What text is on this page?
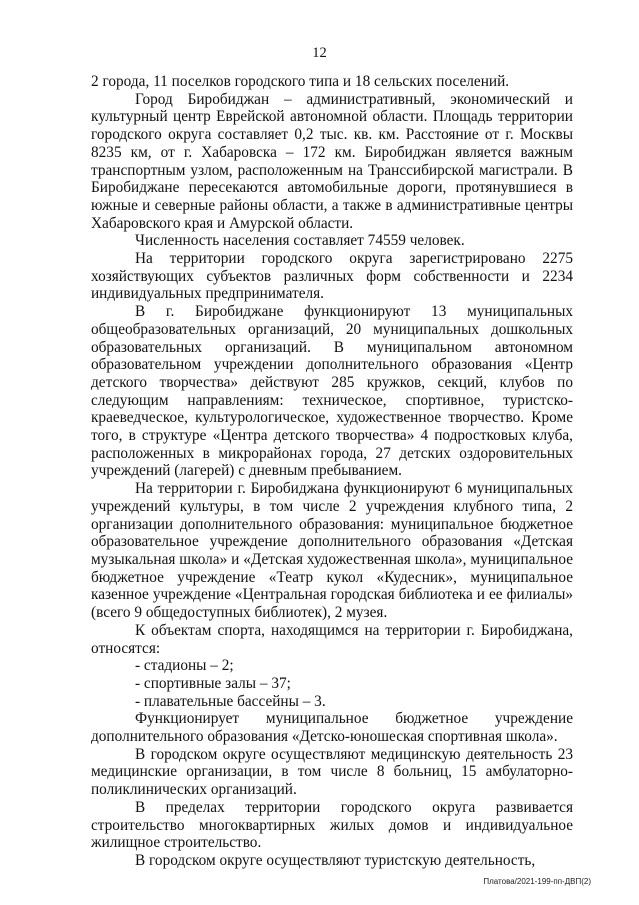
12

2 города, 11 поселков городского типа и 18 сельских поселений.

Город Биробиджан – административный, экономический и культурный центр Еврейской автономной области. Площадь территории городского округа составляет 0,2 тыс. кв. км. Расстояние от г. Москвы 8235 км, от г. Хабаровска – 172 км. Биробиджан является важным транспортным узлом, расположенным на Транссибирской магистрали. В Биробиджане пересекаются автомобильные дороги, протянувшиеся в южные и северные районы области, а также в административные центры Хабаровского края и Амурской области.

Численность населения составляет 74559 человек.

На территории городского округа зарегистрировано 2275 хозяйствующих субъектов различных форм собственности и 2234 индивидуальных предпринимателя.

В г. Биробиджане функционируют 13 муниципальных общеобразовательных организаций, 20 муниципальных дошкольных образовательных организаций. В муниципальном автономном образовательном учреждении дополнительного образования «Центр детского творчества» действуют 285 кружков, секций, клубов по следующим направлениям: техническое, спортивное, туристско-краеведческое, культурологическое, художественное творчество. Кроме того, в структуре «Центра детского творчества» 4 подростковых клуба, расположенных в микрорайонах города, 27 детских оздоровительных учреждений (лагерей) с дневным пребыванием.

На территории г. Биробиджана функционируют 6 муниципальных учреждений культуры, в том числе 2 учреждения клубного типа, 2 организации дополнительного образования: муниципальное бюджетное образовательное учреждение дополнительного образования «Детская музыкальная школа» и «Детская художественная школа», муниципальное бюджетное учреждение «Театр кукол «Кудесник», муниципальное казенное учреждение «Центральная городская библиотека и ее филиалы» (всего 9 общедоступных библиотек), 2 музея.

К объектам спорта, находящимся на территории г. Биробиджана, относятся:

- стадионы – 2;

- спортивные залы – 37;

- плавательные бассейны – 3.

Функционирует муниципальное бюджетное учреждение дополнительного образования «Детско-юношеская спортивная школа».

В городском округе осуществляют медицинскую деятельность 23 медицинские организации, в том числе 8 больниц, 15 амбулаторно-поликлинических организаций.

В пределах территории городского округа развивается строительство многоквартирных жилых домов и индивидуальное жилищное строительство.

В городском округе осуществляют туристскую деятельность,

Платова/2021-199-пп-ДВП(2)
